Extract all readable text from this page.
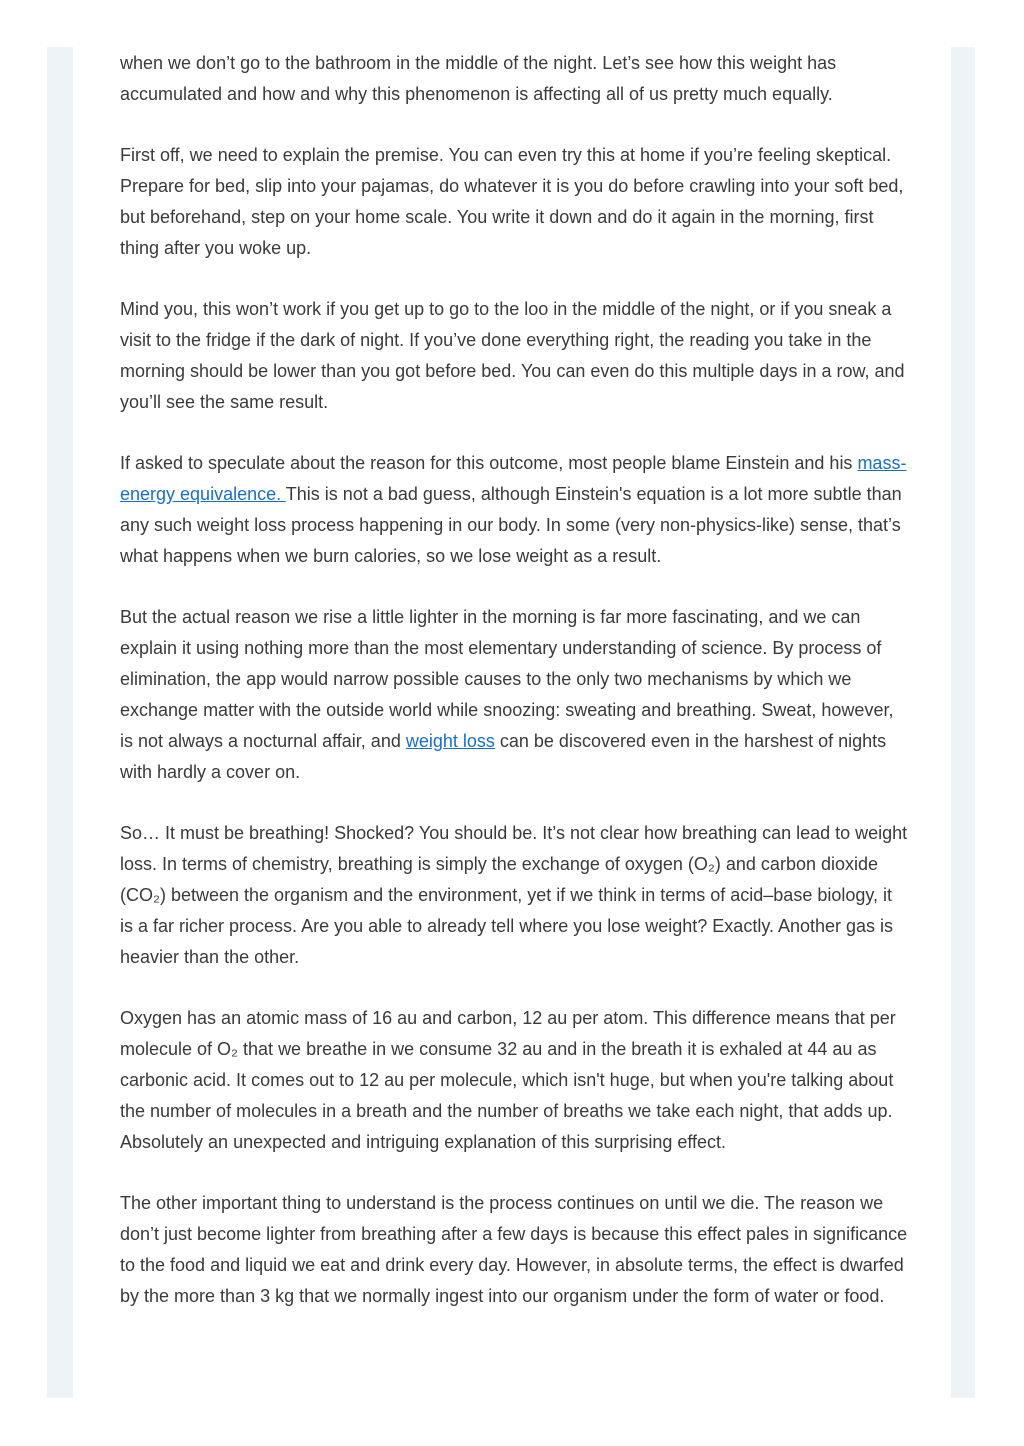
when we don’t go to the bathroom in the middle of the night. Let’s see how this weight has accumulated and how and why this phenomenon is affecting all of us pretty much equally.

First off, we need to explain the premise. You can even try this at home if you’re feeling skeptical. Prepare for bed, slip into your pajamas, do whatever it is you do before crawling into your soft bed, but beforehand, step on your home scale. You write it down and do it again in the morning, first thing after you woke up.

Mind you, this won’t work if you get up to go to the loo in the middle of the night, or if you sneak a visit to the fridge if the dark of night. If you’ve done everything right, the reading you take in the morning should be lower than you got before bed. You can even do this multiple days in a row, and you’ll see the same result.

If asked to speculate about the reason for this outcome, most people blame Einstein and his mass-energy equivalence. This is not a bad guess, although Einstein's equation is a lot more subtle than any such weight loss process happening in our body. In some (very non-physics-like) sense, that’s what happens when we burn calories, so we lose weight as a result.

But the actual reason we rise a little lighter in the morning is far more fascinating, and we can explain it using nothing more than the most elementary understanding of science. By process of elimination, the app would narrow possible causes to the only two mechanisms by which we exchange matter with the outside world while snoozing: sweating and breathing. Sweat, however, is not always a nocturnal affair, and weight loss can be discovered even in the harshest of nights with hardly a cover on.

So… It must be breathing! Shocked? You should be. It’s not clear how breathing can lead to weight loss. In terms of chemistry, breathing is simply the exchange of oxygen (O₂) and carbon dioxide (CO₂) between the organism and the environment, yet if we think in terms of acid–base biology, it is a far richer process. Are you able to already tell where you lose weight? Exactly. Another gas is heavier than the other.

Oxygen has an atomic mass of 16 au and carbon, 12 au per atom. This difference means that per molecule of O₂ that we breathe in we consume 32 au and in the breath it is exhaled at 44 au as carbonic acid. It comes out to 12 au per molecule, which isn't huge, but when you're talking about the number of molecules in a breath and the number of breaths we take each night, that adds up. Absolutely an unexpected and intriguing explanation of this surprising effect.

The other important thing to understand is the process continues on until we die. The reason we don’t just become lighter from breathing after a few days is because this effect pales in significance to the food and liquid we eat and drink every day. However, in absolute terms, the effect is dwarfed by the more than 3 kg that we normally ingest into our organism under the form of water or food.
